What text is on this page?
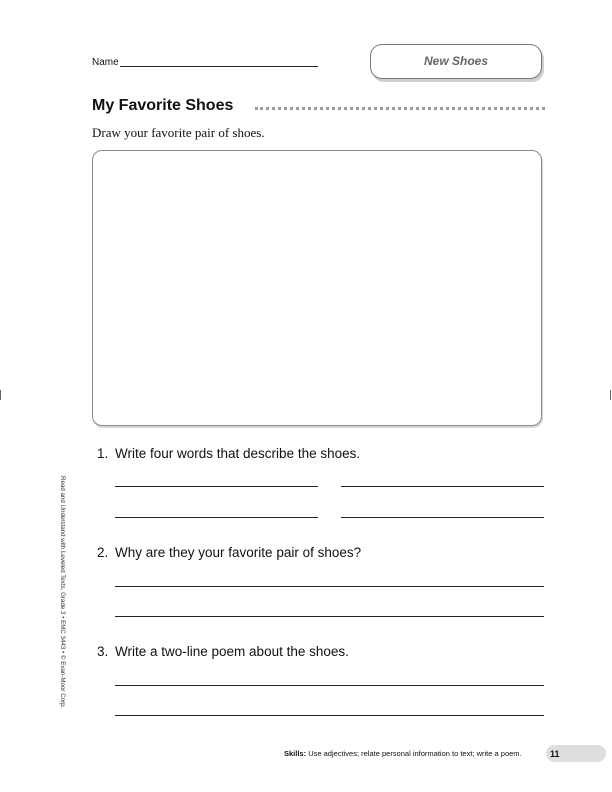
Name	New Shoes
My Favorite Shoes
Draw your favorite pair of shoes.
1. Write four words that describe the shoes.
2. Why are they your favorite pair of shoes?
3. Write a two-line poem about the shoes.
Read and Understand with Leveled Texts, Grade 3 • EMC 3443 • © Evan-Moor Corp.
Skills: Use adjectives; relate personal information to text; write a poem.	11
